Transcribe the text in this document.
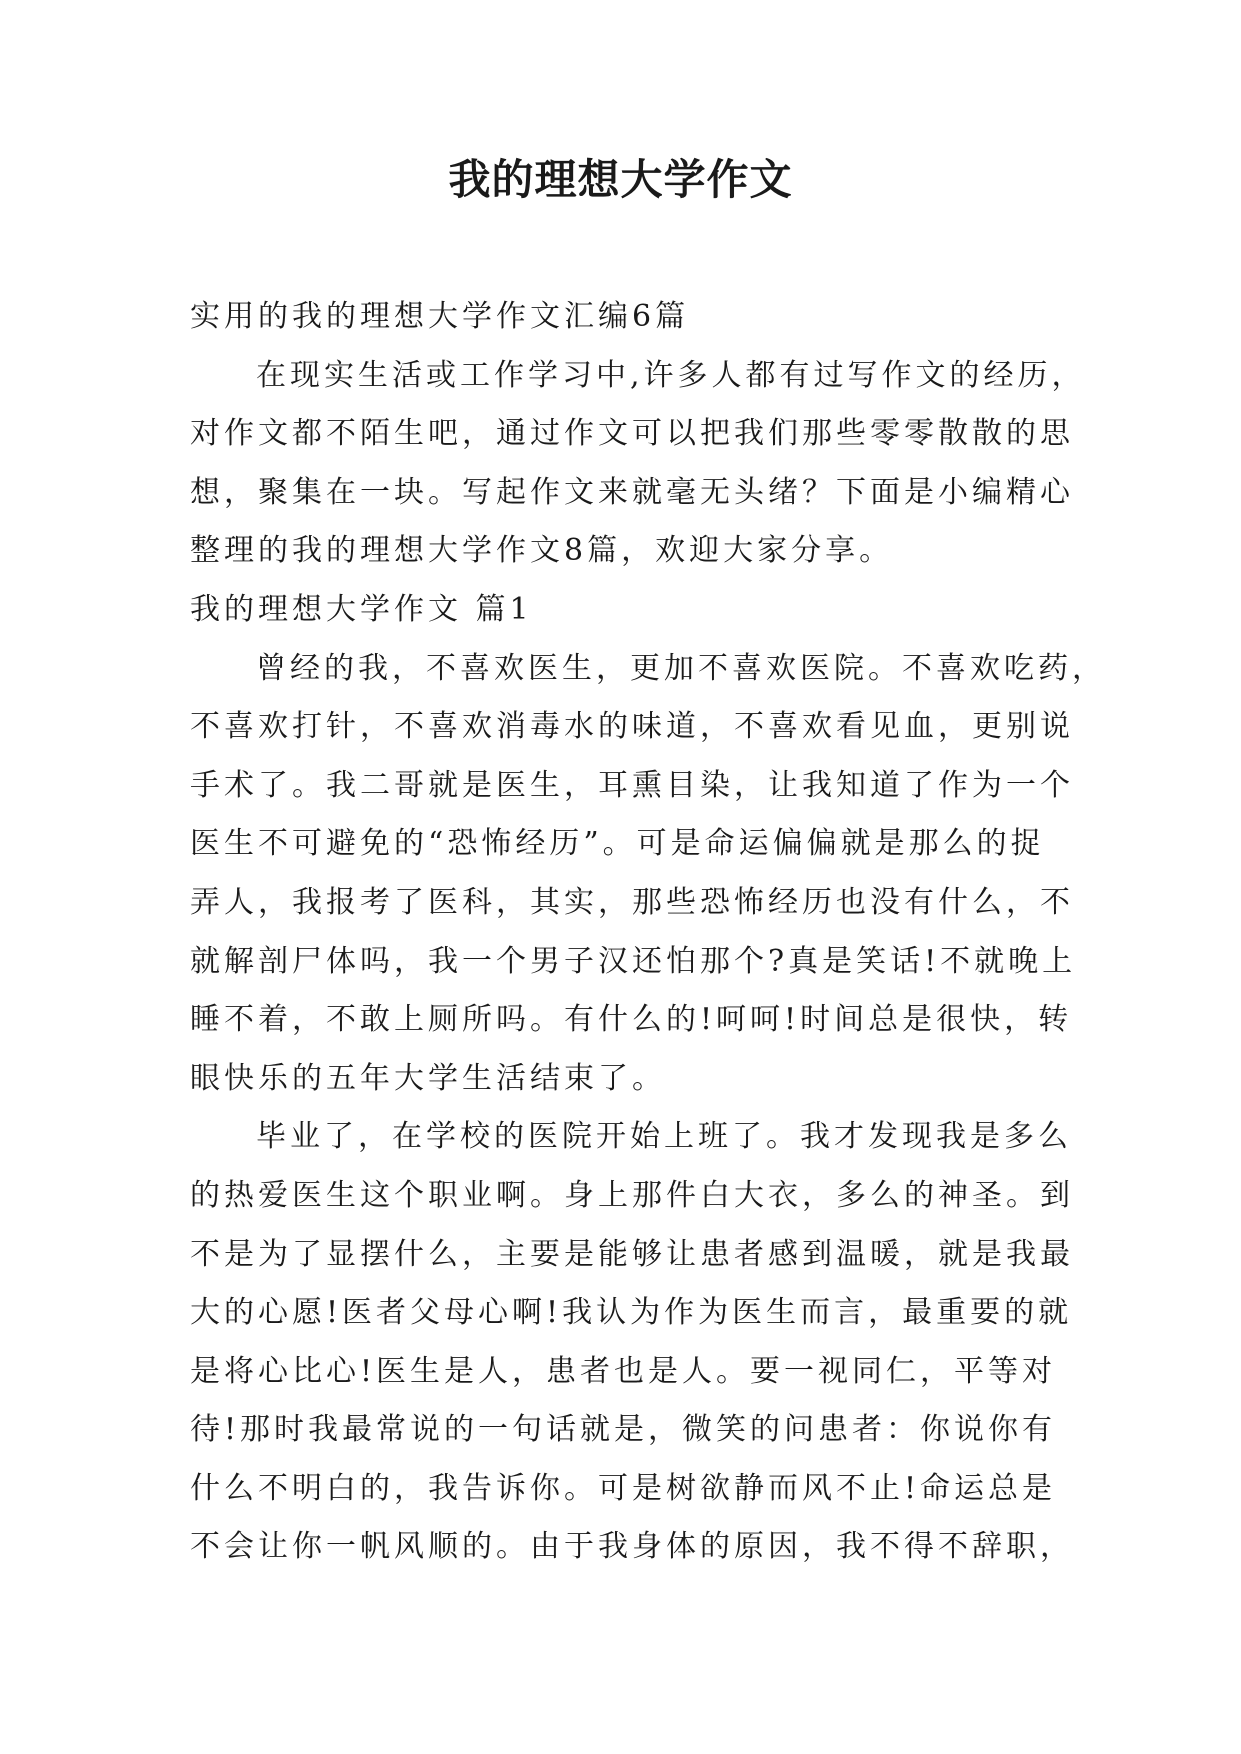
我的理想大学作文
实用的我的理想大学作文汇编6篇
在现实生活或工作学习中,许多人都有过写作文的经历，
对作文都不陌生吧，通过作文可以把我们那些零零散散的思
想，聚集在一块。写起作文来就毫无头绪？下面是小编精心
整理的我的理想大学作文8篇，欢迎大家分享。
我的理想大学作文 篇1
曾经的我，不喜欢医生，更加不喜欢医院。不喜欢吃药，
不喜欢打针，不喜欢消毒水的味道，不喜欢看见血，更别说
手术了。我二哥就是医生，耳熏目染，让我知道了作为一个
医生不可避免的“恐怖经历”。可是命运偏偏就是那么的捉
弄人，我报考了医科，其实，那些恐怖经历也没有什么，不
就解剖尸体吗，我一个男子汉还怕那个?真是笑话!不就晚上
睡不着，不敢上厕所吗。有什么的!呵呵!时间总是很快，转
眼快乐的五年大学生活结束了。
毕业了，在学校的医院开始上班了。我才发现我是多么
的热爱医生这个职业啊。身上那件白大衣，多么的神圣。到
不是为了显摆什么，主要是能够让患者感到温暖，就是我最
大的心愿!医者父母心啊!我认为作为医生而言，最重要的就
是将心比心!医生是人，患者也是人。要一视同仁，平等对
待!那时我最常说的一句话就是，微笑的问患者：你说你有
什么不明白的，我告诉你。可是树欲静而风不止!命运总是
不会让你一帆风顺的。由于我身体的原因，我不得不辞职，
